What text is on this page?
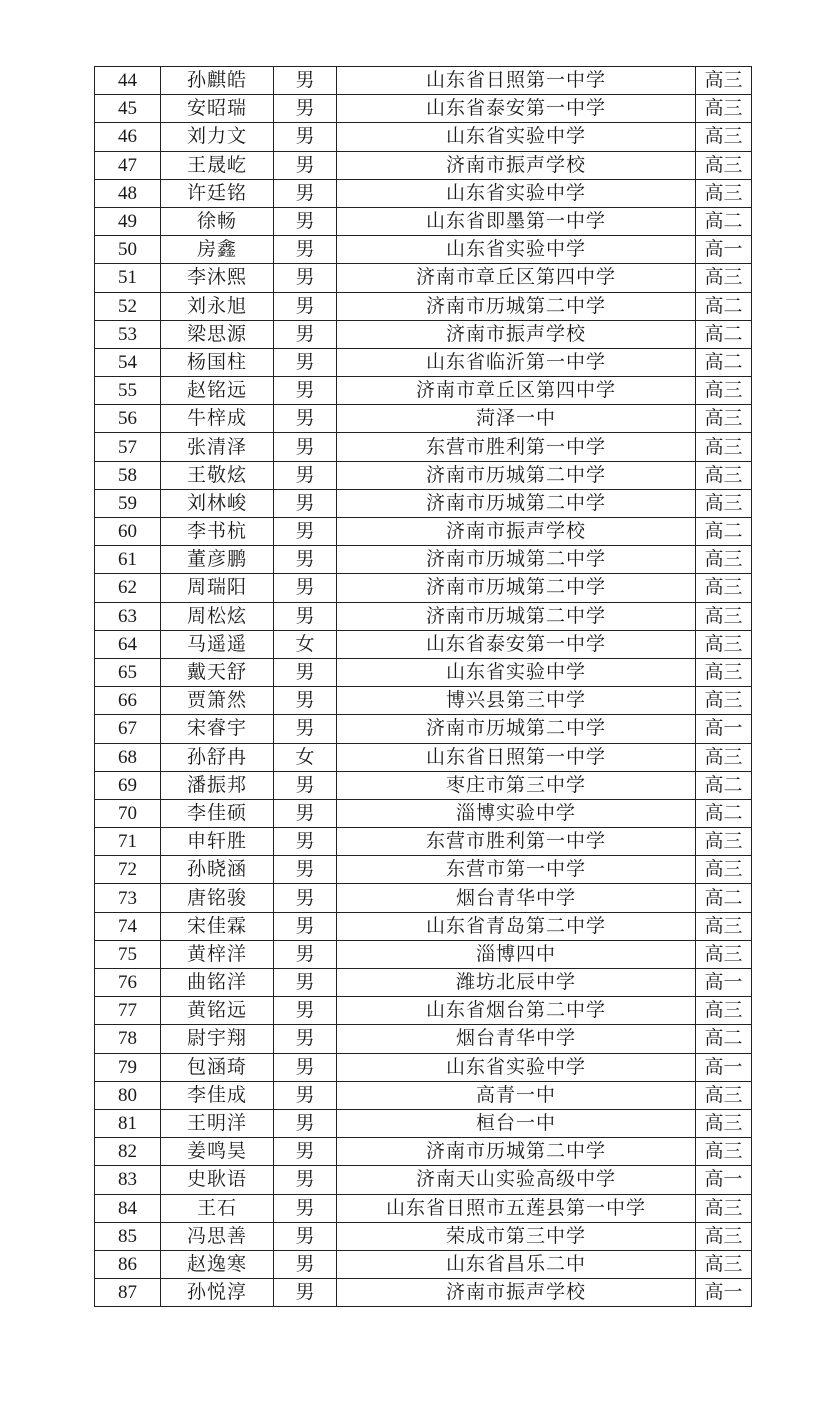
44	孙麒皓	男	山东省日照第一中学	高三
45	安昭瑞	男	山东省泰安第一中学	高三
46	刘力文	男	山东省实验中学	高三
47	王晟屹	男	济南市振声学校	高三
48	许廷铭	男	山东省实验中学	高三
49	徐畅	男	山东省即墨第一中学	高二
50	房鑫	男	山东省实验中学	高一
51	李沐熙	男	济南市章丘区第四中学	高三
52	刘永旭	男	济南市历城第二中学	高二
53	梁思源	男	济南市振声学校	高二
54	杨国柱	男	山东省临沂第一中学	高二
55	赵铭远	男	济南市章丘区第四中学	高三
56	牛梓成	男	菏泽一中	高三
57	张清泽	男	东营市胜利第一中学	高三
58	王敬炫	男	济南市历城第二中学	高三
59	刘林峻	男	济南市历城第二中学	高三
60	李书杭	男	济南市振声学校	高二
61	董彦鹏	男	济南市历城第二中学	高三
62	周瑞阳	男	济南市历城第二中学	高三
63	周松炫	男	济南市历城第二中学	高三
64	马遥遥	女	山东省泰安第一中学	高三
65	戴天舒	男	山东省实验中学	高三
66	贾箫然	男	博兴县第三中学	高三
67	宋睿宇	男	济南市历城第二中学	高一
68	孙舒冉	女	山东省日照第一中学	高三
69	潘振邦	男	枣庄市第三中学	高二
70	李佳硕	男	淄博实验中学	高二
71	申轩胜	男	东营市胜利第一中学	高三
72	孙晓涵	男	东营市第一中学	高三
73	唐铭骏	男	烟台青华中学	高二
74	宋佳霖	男	山东省青岛第二中学	高三
75	黄梓洋	男	淄博四中	高三
76	曲铭洋	男	潍坊北辰中学	高一
77	黄铭远	男	山东省烟台第二中学	高三
78	尉宇翔	男	烟台青华中学	高二
79	包涵琦	男	山东省实验中学	高一
80	李佳成	男	高青一中	高三
81	王明洋	男	桓台一中	高三
82	姜鸣昊	男	济南市历城第二中学	高三
83	史耿语	男	济南天山实验高级中学	高一
84	王石	男	山东省日照市五莲县第一中学	高三
85	冯思善	男	荣成市第三中学	高三
86	赵逸寒	男	山东省昌乐二中	高三
87	孙悦淳	男	济南市振声学校	高一
